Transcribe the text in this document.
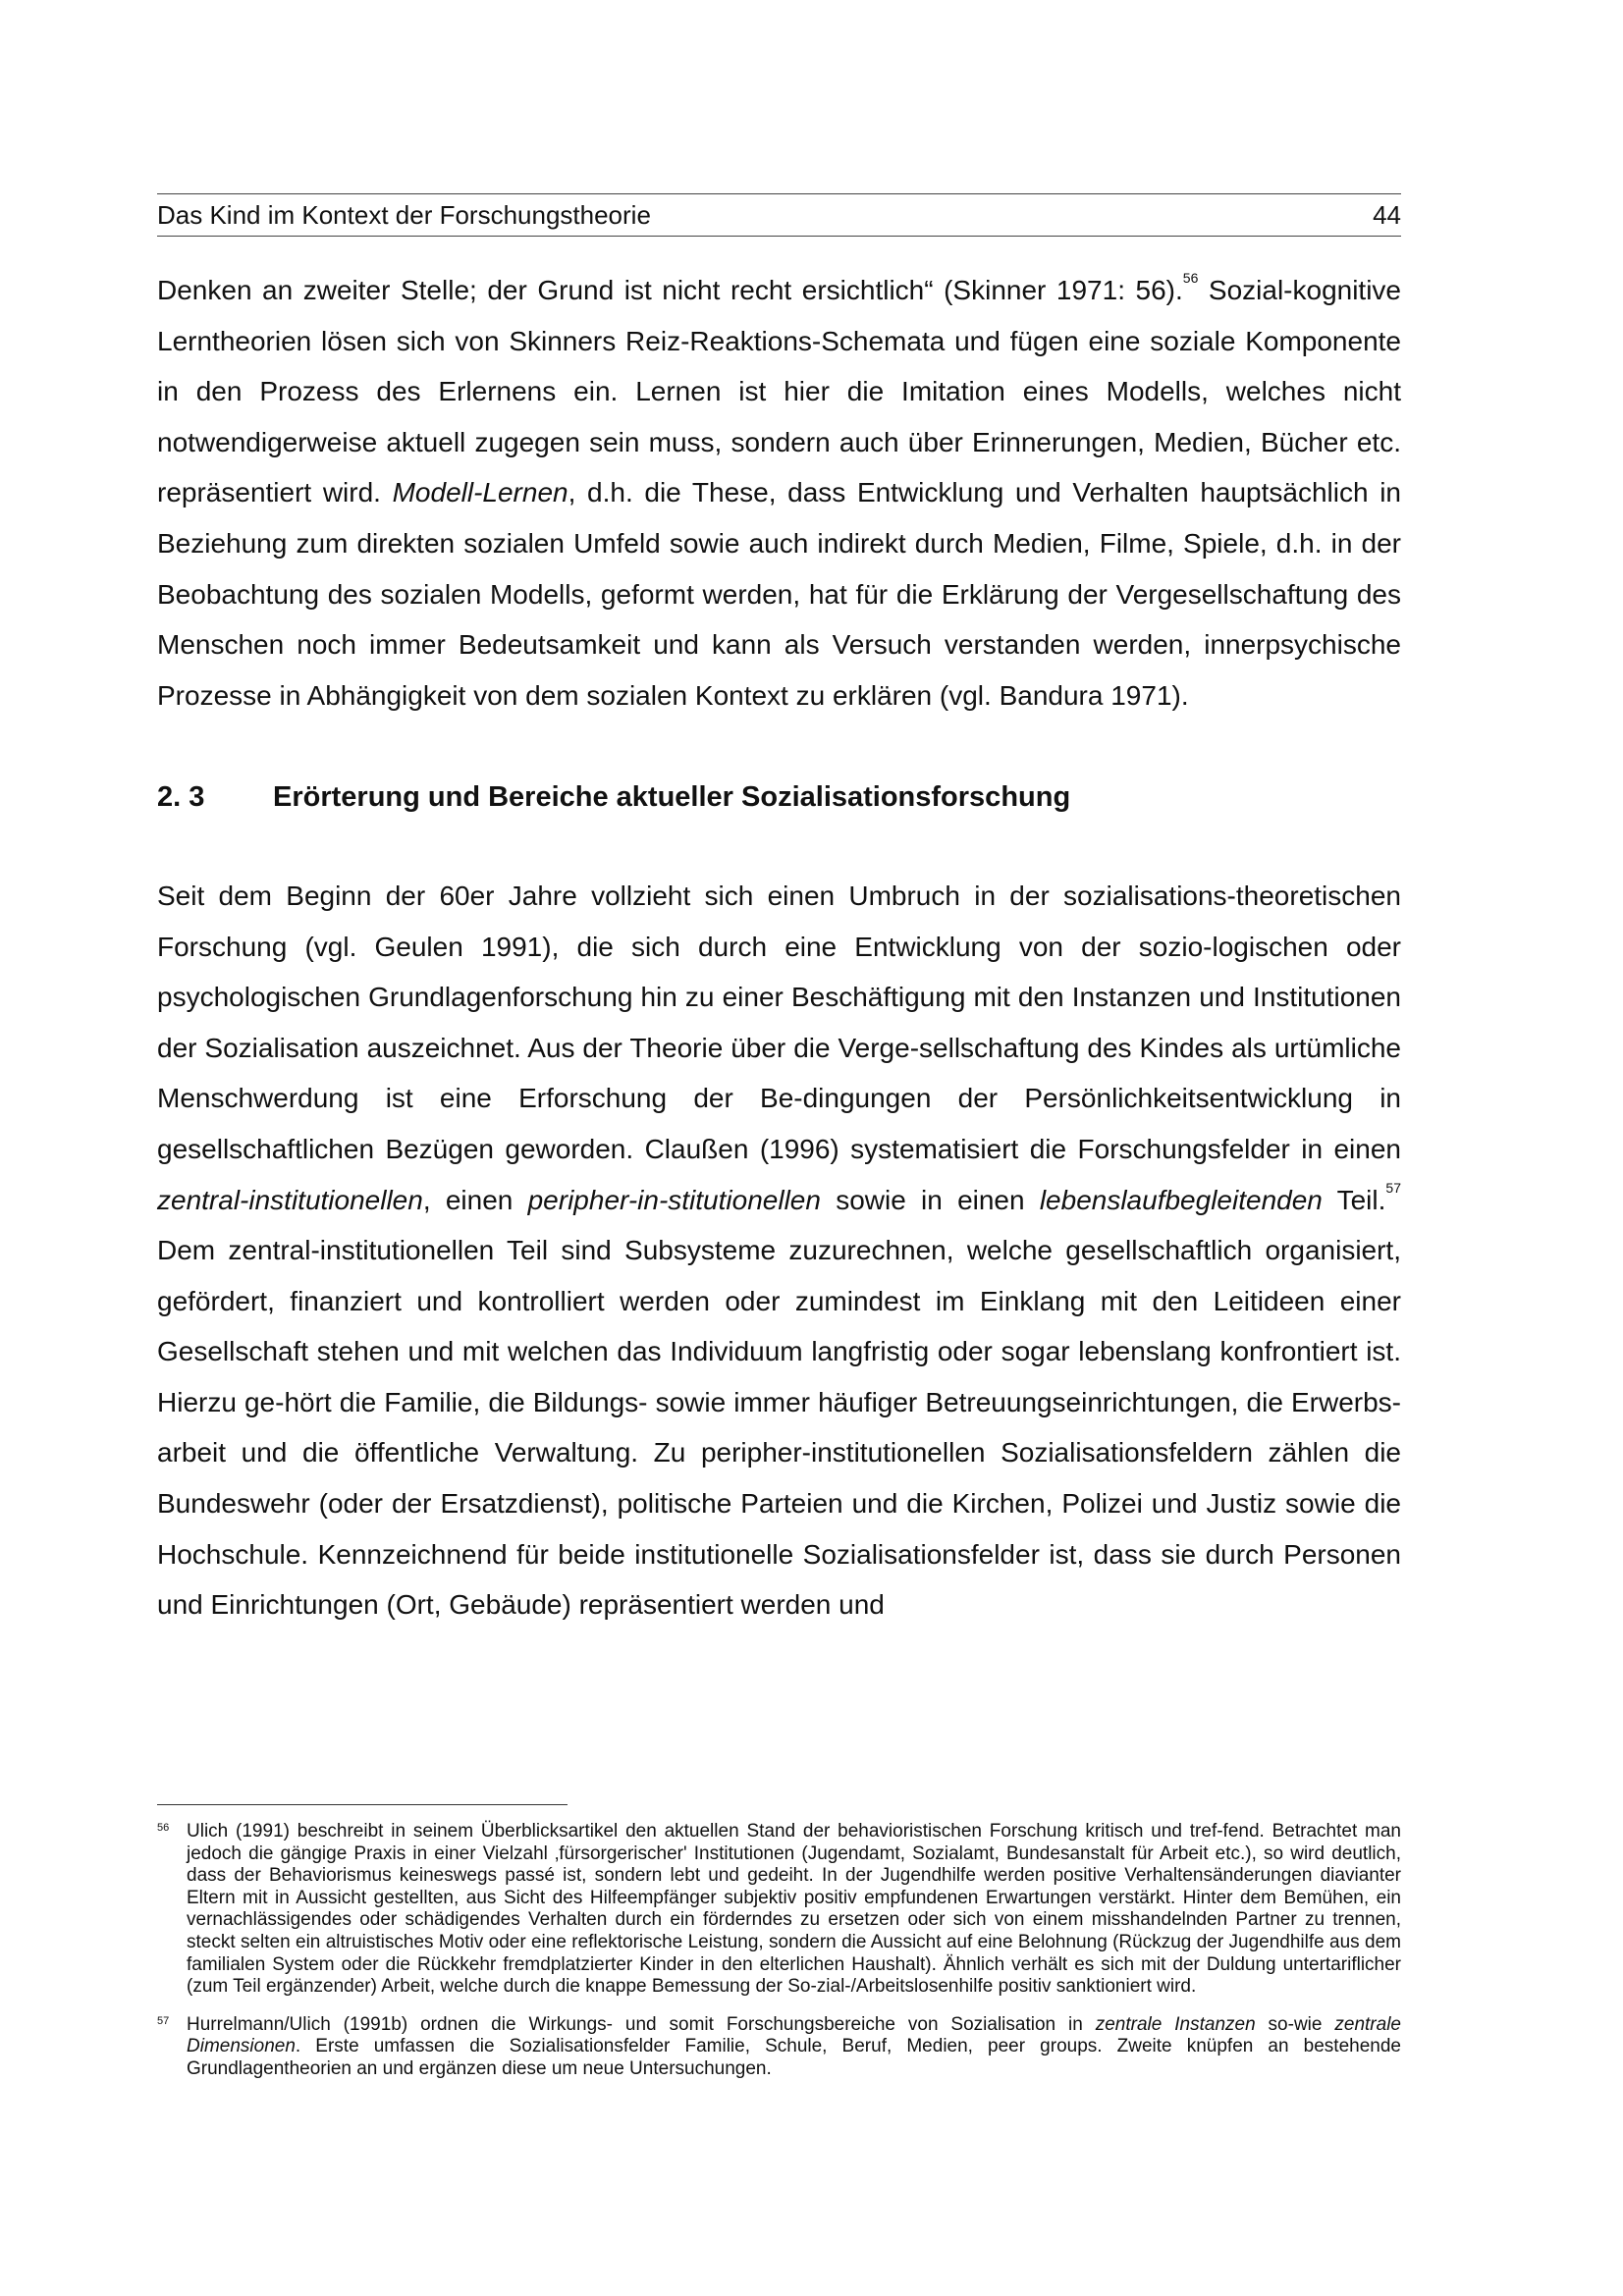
Das Kind im Kontext der Forschungstheorie	44

Denken an zweiter Stelle; der Grund ist nicht recht ersichtlich“ (Skinner 1971: 56).$^{56}$ Sozial-kognitive Lerntheorien lösen sich von Skinners Reiz-Reaktions-Schemata und fügen eine soziale Komponente in den Prozess des Erlernens ein. Lernen ist hier die Imitation eines Modells, welches nicht notwendigerweise aktuell zugegen sein muss, sondern auch über Erinnerungen, Medien, Bücher etc. repräsentiert wird. Modell-Lernen, d.h. die These, dass Entwicklung und Verhalten hauptsächlich in Beziehung zum direkten sozialen Umfeld sowie auch indirekt durch Medien, Filme, Spiele, d.h. in der Beobachtung des sozialen Modells, geformt werden, hat für die Erklärung der Vergesellschaftung des Menschen noch immer Bedeutsamkeit und kann als Versuch verstanden werden, innerpsychische Prozesse in Abhängigkeit von dem sozialen Kontext zu erklären (vgl. Bandura 1971).

2. 3	Erörterung und Bereiche aktueller Sozialisationsforschung

Seit dem Beginn der 60er Jahre vollzieht sich einen Umbruch in der sozialisations-theoretischen Forschung (vgl. Geulen 1991), die sich durch eine Entwicklung von der sozio-logischen oder psychologischen Grundlagenforschung hin zu einer Beschäftigung mit den Instanzen und Institutionen der Sozialisation auszeichnet. Aus der Theorie über die Verge-sellschaftung des Kindes als urtümliche Menschwerdung ist eine Erforschung der Be-dingungen der Persönlichkeitsentwicklung in gesellschaftlichen Bezügen geworden. Claußen (1996) systematisiert die Forschungsfelder in einen zentral-institutionellen, einen peripher-in-stitutionellen sowie in einen lebenslaufbegleitenden Teil.$^{57}$ Dem zentral-institutionellen Teil sind Subsysteme zuzurechnen, welche gesellschaftlich organisiert, gefördert, finanziert und kontrolliert werden oder zumindest im Einklang mit den Leitideen einer Gesellschaft stehen und mit welchen das Individuum langfristig oder sogar lebenslang konfrontiert ist. Hierzu ge-hört die Familie, die Bildungs- sowie immer häufiger Betreuungseinrichtungen, die Erwerbs-arbeit und die öffentliche Verwaltung. Zu peripher-institutionellen Sozialisationsfeldern zählen die Bundeswehr (oder der Ersatzdienst), politische Parteien und die Kirchen, Polizei und Justiz sowie die Hochschule. Kennzeichnend für beide institutionelle Sozialisationsfelder ist, dass sie durch Personen und Einrichtungen (Ort, Gebäude) repräsentiert werden und

56 Ulich (1991) beschreibt in seinem Überblicksartikel den aktuellen Stand der behavioristischen Forschung kritisch und tref-fend. Betrachtet man jedoch die gängige Praxis in einer Vielzahl ‚fürsorgerischer' Institutionen (Jugendamt, Sozialamt, Bundesanstalt für Arbeit etc.), so wird deutlich, dass der Behaviorismus keineswegs passé ist, sondern lebt und gedeiht. In der Jugendhilfe werden positive Verhaltensänderungen diavianter Eltern mit in Aussicht gestellten, aus Sicht des Hilfeempfänger subjektiv positiv empfundenen Erwartungen verstärkt. Hinter dem Bemühen, ein vernachlässigendes oder schädigendes Verhalten durch ein förderndes zu ersetzen oder sich von einem misshandelnden Partner zu trennen, steckt selten ein altruistisches Motiv oder eine reflektorische Leistung, sondern die Aussicht auf eine Belohnung (Rückzug der Jugendhilfe aus dem familialen System oder die Rückkehr fremdplatzierter Kinder in den elterlichen Haushalt). Ähnlich verhält es sich mit der Duldung untertariflicher (zum Teil ergänzender) Arbeit, welche durch die knappe Bemessung der So-zial-/Arbeitslosenhilfe positiv sanktioniert wird.
57 Hurrelmann/Ulich (1991b) ordnen die Wirkungs- und somit Forschungsbereiche von Sozialisation in zentrale Instanzen so-wie zentrale Dimensionen. Erste umfassen die Sozialisationsfelder Familie, Schule, Beruf, Medien, peer groups. Zweite knüpfen an bestehende Grundlagentheorien an und ergänzen diese um neue Untersuchungen.
